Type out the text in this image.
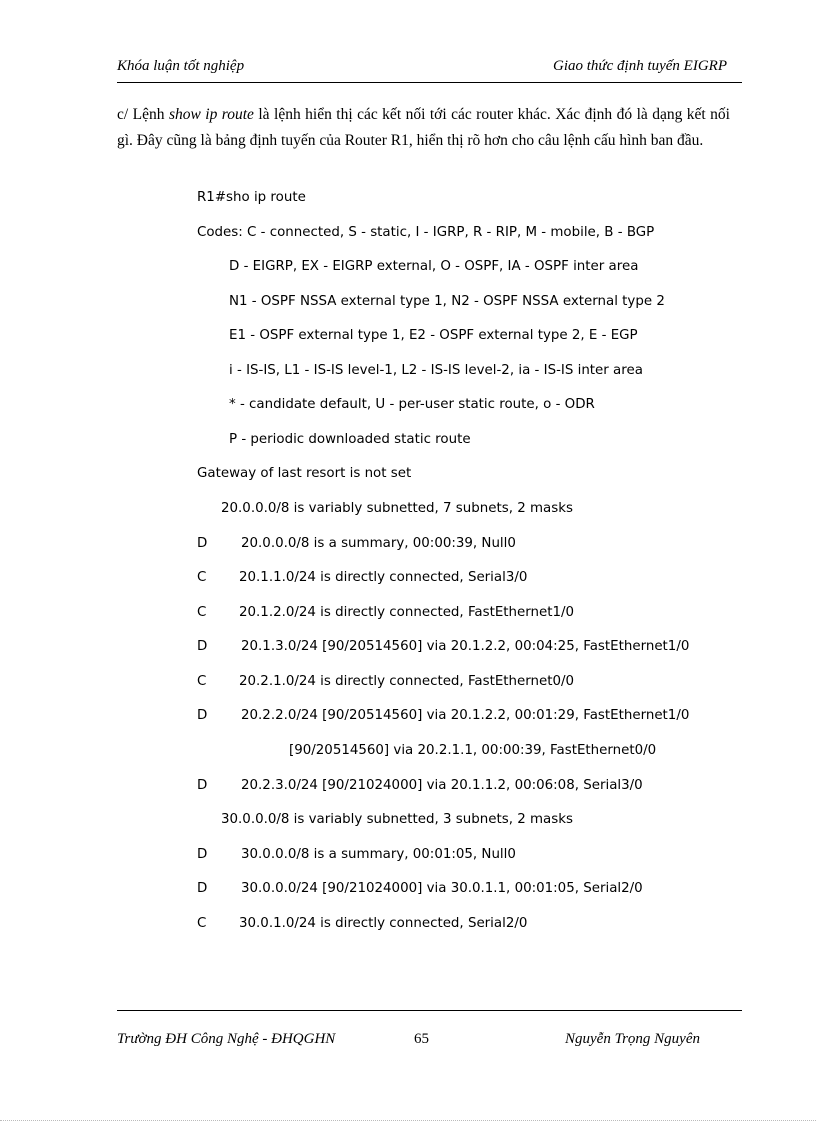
Khóa luận tốt nghiệp	Giao thức định tuyến EIGRP
c/ Lệnh show ip route là lệnh hiển thị các kết nối tới các router khác. Xác định đó là dạng kết nối gì. Đây cũng là bảng định tuyến của Router R1, hiển thị rõ hơn cho câu lệnh cấu hình ban đầu.
R1#sho ip route
Codes: C - connected, S - static, I - IGRP, R - RIP, M - mobile, B - BGP
D - EIGRP, EX - EIGRP external, O - OSPF, IA - OSPF inter area
N1 - OSPF NSSA external type 1, N2 - OSPF NSSA external type 2
E1 - OSPF external type 1, E2 - OSPF external type 2, E - EGP
i - IS-IS, L1 - IS-IS level-1, L2 - IS-IS level-2, ia - IS-IS inter area
* - candidate default, U - per-user static route, o - ODR
P - periodic downloaded static route
Gateway of last resort is not set
20.0.0.0/8 is variably subnetted, 7 subnets, 2 masks
D	20.0.0.0/8 is a summary, 00:00:39, Null0
C 20.1.1.0/24 is directly connected, Serial3/0
C 20.1.2.0/24 is directly connected, FastEthernet1/0
D	20.1.3.0/24 [90/20514560] via 20.1.2.2, 00:04:25, FastEthernet1/0
C 20.2.1.0/24 is directly connected, FastEthernet0/0
D	20.2.2.0/24 [90/20514560] via 20.1.2.2, 00:01:29, FastEthernet1/0
[90/20514560] via 20.2.1.1, 00:00:39, FastEthernet0/0
D	20.2.3.0/24 [90/21024000] via 20.1.1.2, 00:06:08, Serial3/0
30.0.0.0/8 is variably subnetted, 3 subnets, 2 masks
D	30.0.0.0/8 is a summary, 00:01:05, Null0
D	30.0.0.0/24 [90/21024000] via 30.0.1.1, 00:01:05, Serial2/0
C 30.0.1.0/24 is directly connected, Serial2/0
Trường ĐH Công Nghệ - ĐHQGHN	65	Nguyễn Trọng Nguyên
